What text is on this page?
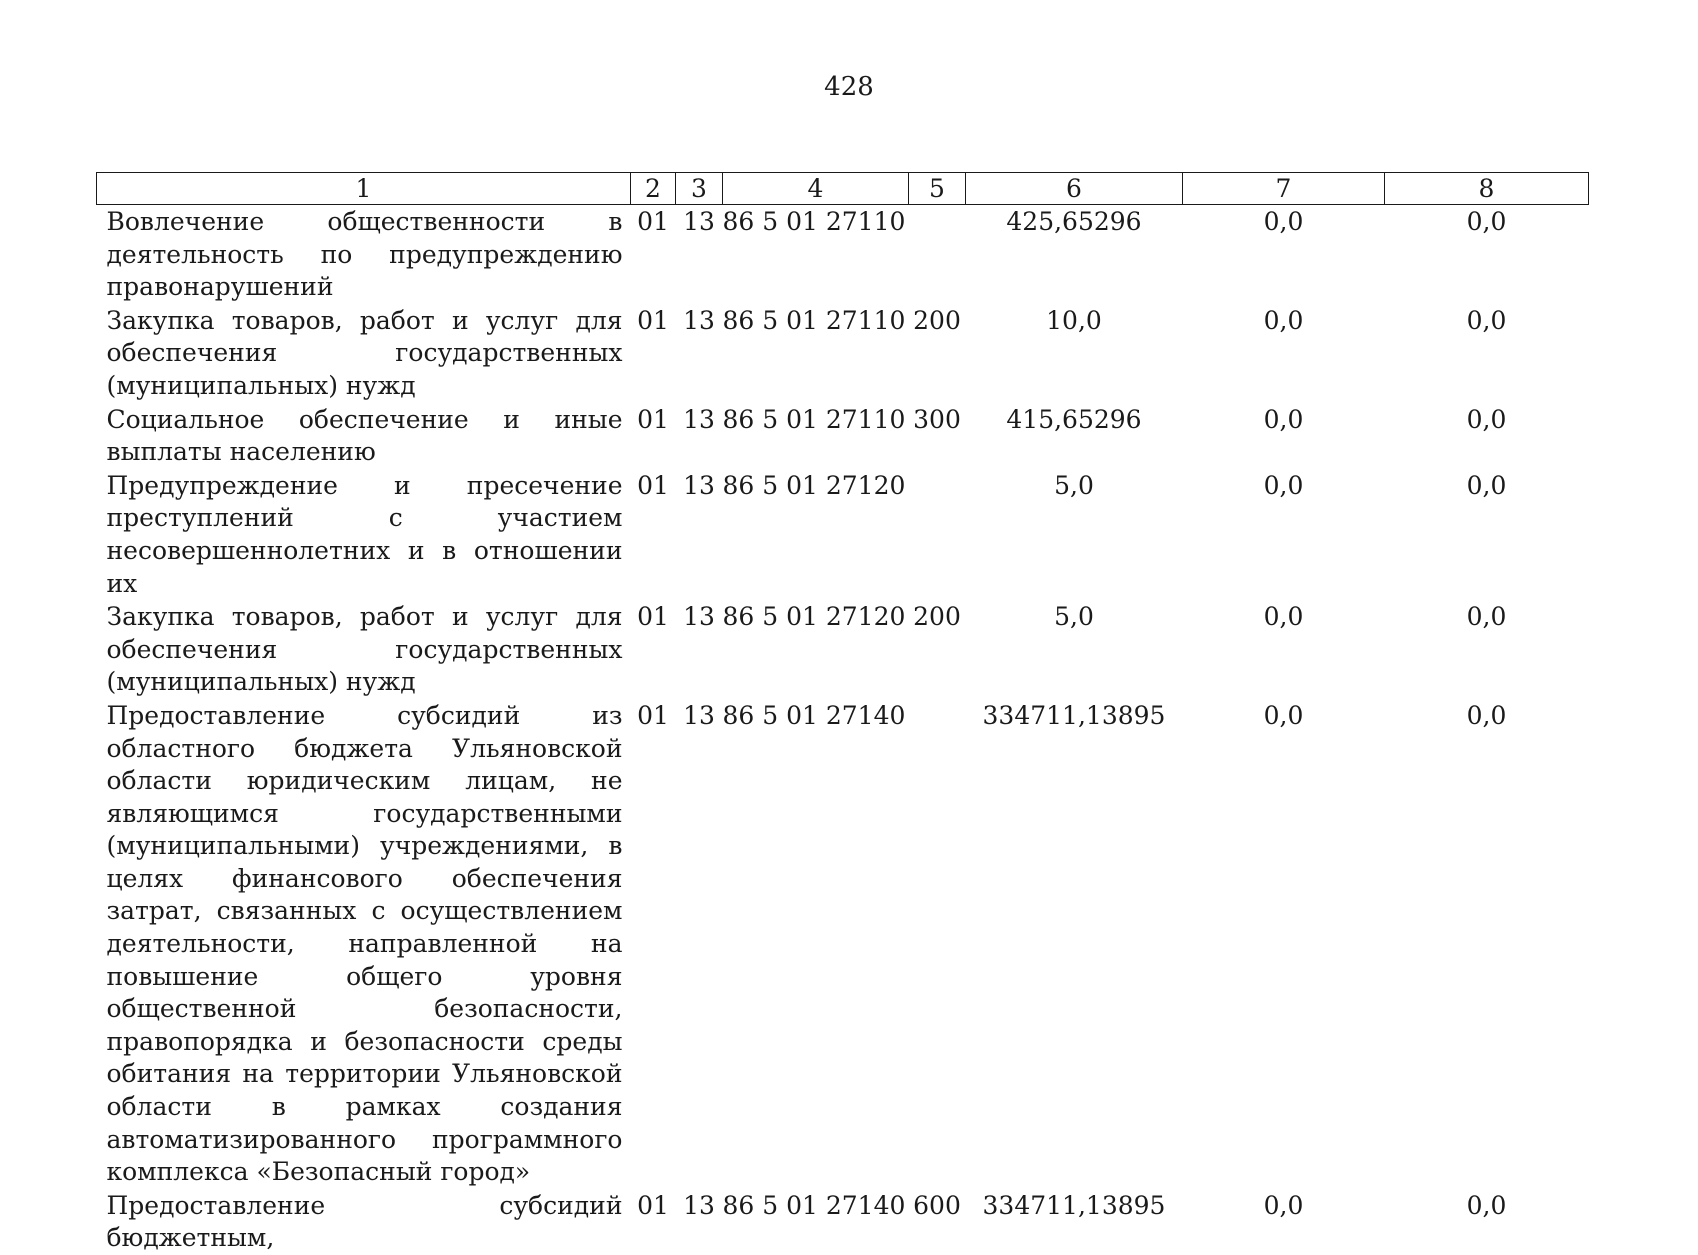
428
1	2	3	4	5	6	7	8
Вовлечение общественности в деятельность по предупреждению правонарушений	01	13	86 5 01 27110		425,65296	0,0	0,0
Закупка товаров, работ и услуг для обеспечения государственных (муниципальных) нужд	01	13	86 5 01 27110	200	10,0	0,0	0,0
Социальное обеспечение и иные выплаты населению	01	13	86 5 01 27110	300	415,65296	0,0	0,0
Предупреждение и пресечение преступлений с участием несовершеннолетних и в отношении их	01	13	86 5 01 27120		5,0	0,0	0,0
Закупка товаров, работ и услуг для обеспечения государственных (муниципальных) нужд	01	13	86 5 01 27120	200	5,0	0,0	0,0
Предоставление субсидий из областного бюджета Ульяновской области юридическим лицам, не являющимся государственными (муниципальными) учреждениями, в целях финансового обеспечения затрат, связанных с осуществлением деятельности, направленной на повышение общего уровня общественной безопасности, правопорядка и безопасности среды обитания на территории Ульяновской области в рамках создания автоматизированного программного комплекса «Безопасный город»	01	13	86 5 01 27140		334711,13895	0,0	0,0
Предоставление субсидий бюджетным,	01	13	86 5 01 27140	600	334711,13895	0,0	0,0
